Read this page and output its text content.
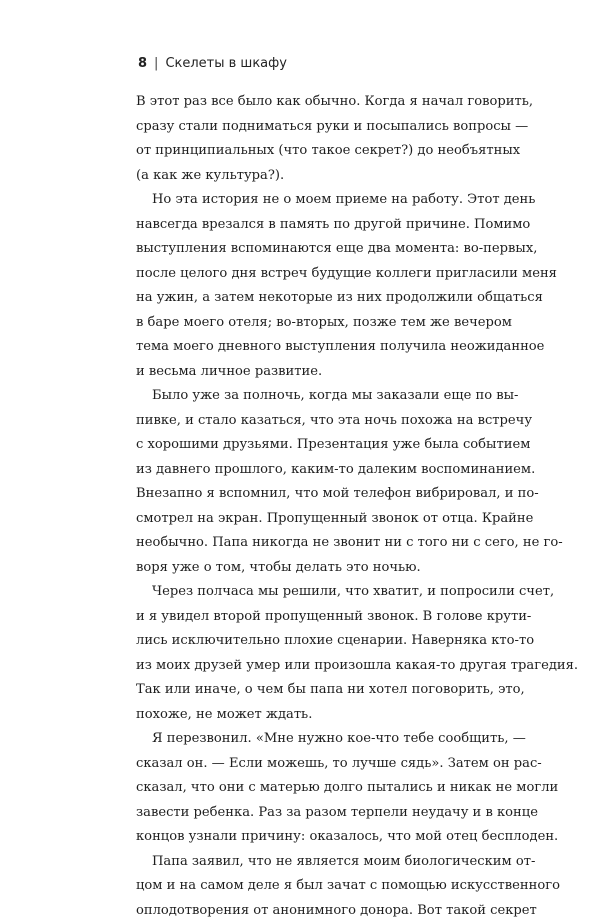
8 | Скелеты в шкафу
В этот раз все было как обычно. Когда я начал говорить,
сразу стали подниматься руки и посыпались вопросы —
от принципиальных (что такое секрет?) до необъятных
(а как же культура?).
Но эта история не о моем приеме на работу. Этот день
навсегда врезался в память по другой причине. Помимо
выступления вспоминаются еще два момента: во-первых,
после целого дня встреч будущие коллеги пригласили меня
на ужин, а затем некоторые из них продолжили общаться
в баре моего отеля; во-вторых, позже тем же вечером
тема моего дневного выступления получила неожиданное
и весьма личное развитие.
Было уже за полночь, когда мы заказали еще по вы-
пивке, и стало казаться, что эта ночь похожа на встречу
с хорошими друзьями. Презентация уже была событием
из давнего прошлого, каким-то далеким воспоминанием.
Внезапно я вспомнил, что мой телефон вибрировал, и по-
смотрел на экран. Пропущенный звонок от отца. Крайне
необычно. Папа никогда не звонит ни с того ни с сего, не го-
воря уже о том, чтобы делать это ночью.
Через полчаса мы решили, что хватит, и попросили счет,
и я увидел второй пропущенный звонок. В голове крути-
лись исключительно плохие сценарии. Наверняка кто-то
из моих друзей умер или произошла какая-то другая трагедия.
Так или иначе, о чем бы папа ни хотел поговорить, это,
похоже, не может ждать.
Я перезвонил. «Мне нужно кое-что тебе сообщить, —
сказал он. — Если можешь, то лучше сядь». Затем он рас-
сказал, что они с матерью долго пытались и никак не могли
завести ребенка. Раз за разом терпели неудачу и в конце
концов узнали причину: оказалось, что мой отец бесплоден.
Папа заявил, что не является моим биологическим от-
цом и на самом деле я был зачат с помощью искусственного
оплодотворения от анонимного донора. Вот такой секрет
